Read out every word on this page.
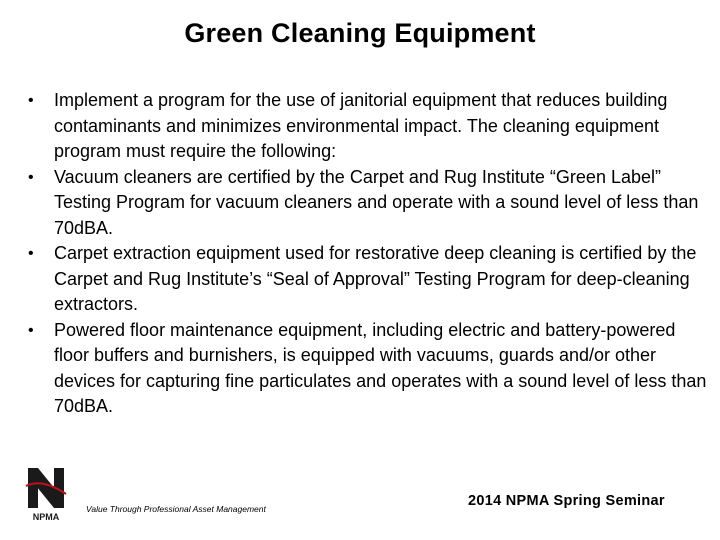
Green Cleaning Equipment
• Implement a program for the use of janitorial equipment that reduces building contaminants and minimizes environmental impact. The cleaning equipment program must require the following:
• Vacuum cleaners are certified by the Carpet and Rug Institute “Green Label” Testing Program for vacuum cleaners and operate with a sound level of less than 70dBA.
• Carpet extraction equipment used for restorative deep cleaning is certified by the Carpet and Rug Institute’s “Seal of Approval” Testing Program for deep-cleaning extractors.
• Powered floor maintenance equipment, including electric and battery-powered floor buffers and burnishers, is equipped with vacuums, guards and/or other devices for capturing fine particulates and operates with a sound level of less than 70dBA.
NPMA
Value Through Professional Asset Management	2014 NPMA Spring Seminar
